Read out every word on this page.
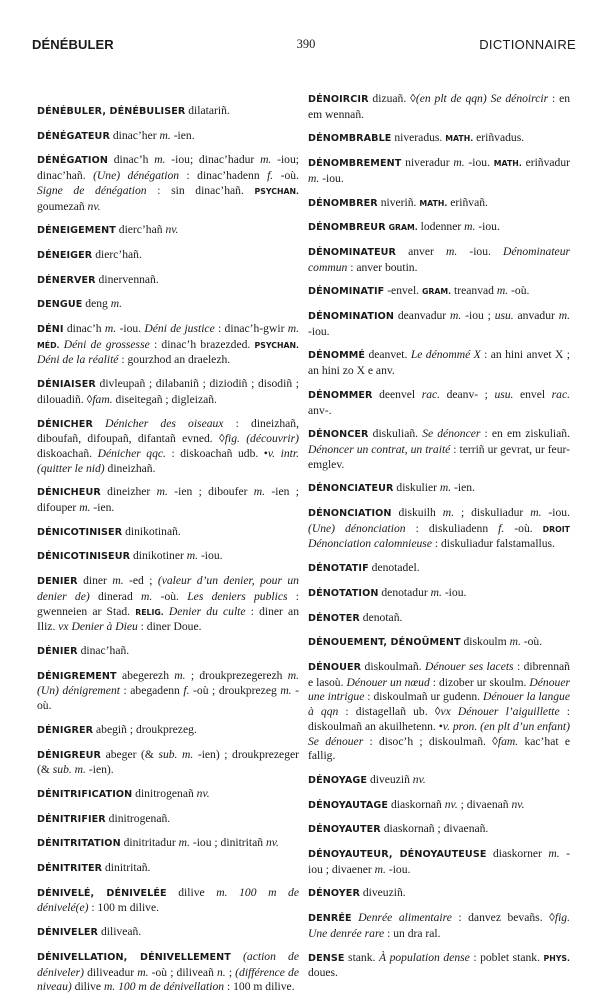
DÉNÉBULER	390	DICTIONNAIRE

DÉNÉBULER, DÉNÉBULISER dilatariñ.

DÉNÉGATEUR dinac’her m. -ien.

DÉNÉGATION dinac’h m. -iou; dinac’hadur m. -iou; dinac’hañ. (Une) dénégation : dinac’hadenn f. -où. Signe de dénégation : sin dinac’hañ. PSYCHAN. goumezañ nv.

DÉNEIGEMENT dierc’hañ nv.

DÉNEIGER dierc’hañ.

DÉNERVER dinervennañ.

DENGUE deng m.

DÉNI dinac’h m. -iou. Déni de justice : dinac’h-gwir m. MÉD. Déni de grossesse : dinac’h brazezded. PSYCHAN. Déni de la réalité : gourzhod an draelezh.

DÉNIAISER divleupañ ; dilabaniñ ; diziodiñ ; disodiñ ; dilouadiñ. ◊fam. diseitegañ ; digleizañ.

DÉNICHER Dénicher des oiseaux : dineizhañ, diboufañ, difoupañ, difantañ evned. ◊fig. (découvrir) diskoachañ. Dénicher qqc. : diskoachañ udb. •v. intr.(quitter le nid) dineizhañ.

DÉNICHEUR dineizher m. -ien ; diboufer m. -ien ; difouper m. -ien.

DÉNICOTINISER dinikotinañ.

DÉNICOTINISEUR dinikotiner m. -iou.

DENIER diner m. -ed ; (valeur d’un denier, pour un denier de) dinerad m. -où. Les deniers publics : gwenneien ar Stad. RELIG. Denier du culte : diner an Iliz. vx Denier à Dieu : diner Doue.

DÉNIER dinac’hañ.

DÉNIGREMENT abegerezh m. ; droukprezegerezh m. (Un) dénigrement : abegadenn f. -où ; droukprezeg m. -où.

DÉNIGRER abegiñ ; droukprezeg.

DÉNIGREUR abeger (& sub. m. -ien) ; droukprezeger (& sub. m. -ien).

DÉNITRIFICATION dinitrogenañ nv.

DÉNITRIFIER dinitrogenañ.

DÉNITRITATION dinitritadur m. -iou ; dinitritañ nv.

DÉNITRITER dinitritañ.

DÉNIVELÉ, DÉNIVELÉE dilive m. 100 m de dénivelé(e) : 100 m dilive.

DÉNIVELER diliveañ.

DÉNIVELLATION, DÉNIVELLEMENT (action de déniveler) diliveadur m. -où ; diliveañ n. ; (différence de niveau) dilive m. 100 m de dénivellation : 100 m dilive.

DÉNOIRCIR dizuañ. ◊(en plt de qqn) Se dénoircir : en em wennañ.

DÉNOMBRABLE niveradus. MATH. eriñvadus.

DÉNOMBREMENT niveradur m. -iou. MATH. eriñvadur m. -iou.

DÉNOMBRER niveriñ. MATH. eriñvañ.

DÉNOMBREUR GRAM. lodenner m. -iou.

DÉNOMINATEUR anver m. -iou. Dénominateur commun : anver boutin.

DÉNOMINATIF -envel. GRAM. treanvad m. -où.

DÉNOMINATION deanvadur m. -iou ; usu. anvadur m. -iou.

DÉNOMMÉ deanvet. Le dénommé X : an hini anvet X ; an hini zo X e anv.

DÉNOMMER deenvel rac. deanv- ; usu. envel rac. anv-.

DÉNONCER diskuliañ. Se dénoncer : en em ziskuliañ. Dénoncer un contrat, un traité : terriñ ur gevrat, ur feur-emglev.

DÉNONCIATEUR diskulier m. -ien.

DÉNONCIATION diskuilh m. ; diskuliadur m. -iou. (Une) dénonciation : diskuliadenn f. -où. DROIT Dénonciation calomnieuse : diskuliadur falstamallus.

DÉNOTATIF denotadel.

DÉNOTATION denotadur m. -iou.

DÉNOTER denotañ.

DÉNOUEMENT, DÉNOÛMENT diskoulm m. -où.

DÉNOUER diskoulmañ. Dénouer ses lacets : dibrennañ e lasoù. Dénouer un nœud : dizober ur skoulm. Dénouer une intrigue : diskoulmañ ur gudenn. Dénouer la langue à qqn : distagellañ ub. ◊vx Dénouer l’aiguillette : diskoulmañ an akuilhetenn. •v. pron. (en plt d’un enfant) Se dénouer : disoc’h ; diskoulmañ. ◊fam. kac’hat e fallig.

DÉNOYAGE diveuziñ nv.

DÉNOYAUTAGE diaskornañ nv. ; divaenañ nv.

DÉNOYAUTER diaskornañ ; divaenañ.

DÉNOYAUTEUR, DÉNOYAUTEUSE diaskorner m. -iou ; divaener m. -iou.

DÉNOYER diveuziñ.

DENRÉE Denrée alimentaire : danvez bevañs. ◊fig. Une denrée rare : un dra ral.

DENSE stank. À population dense : poblet stank. PHYS. doues.
